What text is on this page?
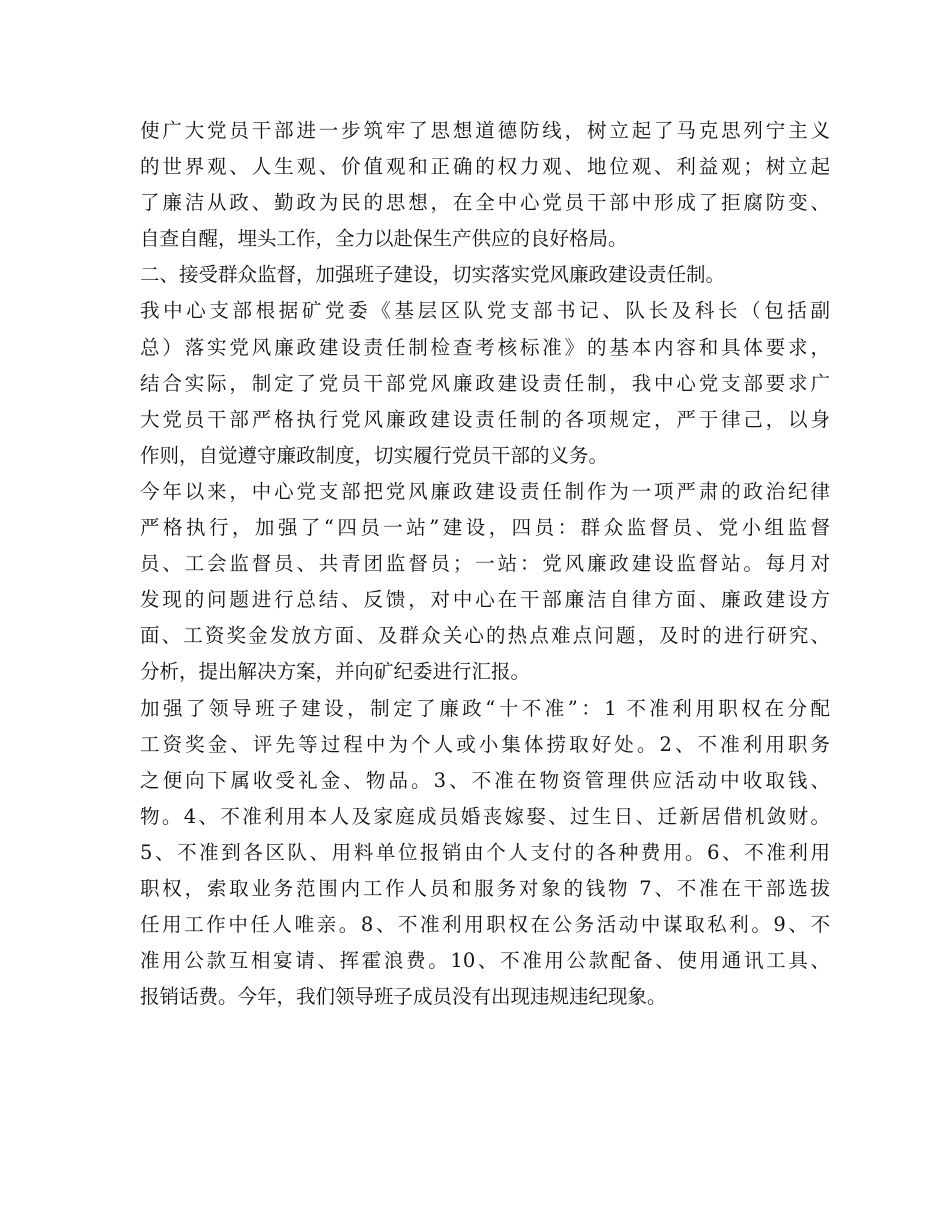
使广大党员干部进一步筑牢了思想道德防线，树立起了马克思列宁主义
的世界观、人生观、价值观和正确的权力观、地位观、利益观；树立起
了廉洁从政、勤政为民的思想，在全中心党员干部中形成了拒腐防变、
自查自醒，埋头工作，全力以赴保生产供应的良好格局。
二、接受群众监督，加强班子建设，切实落实党风廉政建设责任制。
我中心支部根据矿党委《基层区队党支部书记、队长及科长（包括副
总）落实党风廉政建设责任制检查考核标准》的基本内容和具体要求，
结合实际，制定了党员干部党风廉政建设责任制，我中心党支部要求广
大党员干部严格执行党风廉政建设责任制的各项规定，严于律己，以身
作则，自觉遵守廉政制度，切实履行党员干部的义务。
今年以来，中心党支部把党风廉政建设责任制作为一项严肃的政治纪律
严格执行，加强了“四员一站”建设，四员：群众监督员、党小组监督
员、工会监督员、共青团监督员；一站：党风廉政建设监督站。每月对
发现的问题进行总结、反馈，对中心在干部廉洁自律方面、廉政建设方
面、工资奖金发放方面、及群众关心的热点难点问题，及时的进行研究、
分析，提出解决方案，并向矿纪委进行汇报。
加强了领导班子建设，制定了廉政“十不准”：1 不准利用职权在分配
工资奖金、评先等过程中为个人或小集体捞取好处。2、不准利用职务
之便向下属收受礼金、物品。3、不准在物资管理供应活动中收取钱、
物。4、不准利用本人及家庭成员婚丧嫁娶、过生日、迁新居借机敛财。
5、不准到各区队、用料单位报销由个人支付的各种费用。6、不准利用
职权，索取业务范围内工作人员和服务对象的钱物 7、不准在干部选拔
任用工作中任人唯亲。8、不准利用职权在公务活动中谋取私利。9、不
准用公款互相宴请、挥霍浪费。10、不准用公款配备、使用通讯工具、
报销话费。今年，我们领导班子成员没有出现违规违纪现象。
